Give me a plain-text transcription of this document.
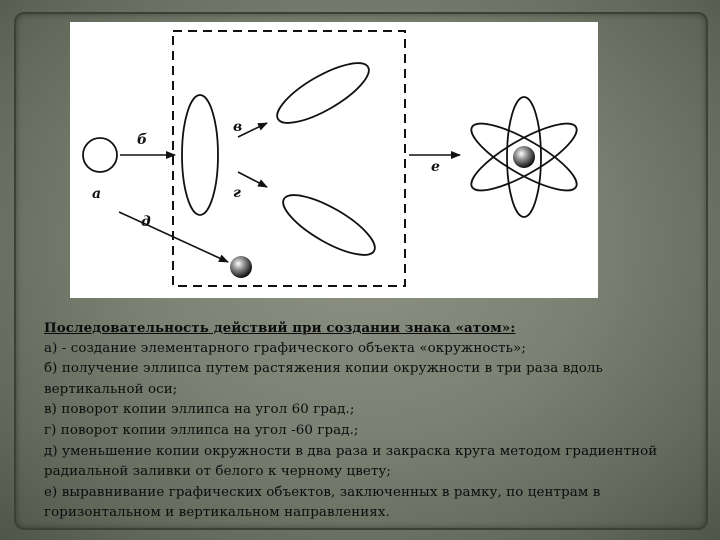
а
б
в
г
д
е
Последовательность действий при создании знака «атом»:
а) - создание элементарного графического объекта «окружность»;
б) получение эллипса путем растяжения копии окружности в три раза вдоль вертикальной оси;
в) поворот копии эллипса на угол 60 град.;
г) поворот копии эллипса на угол -60 град.;
д) уменьшение копии окружности в два раза и закраска круга методом градиентной радиальной заливки от белого к черному цвету;
е) выравнивание графических объектов, заключенных в рамку, по центрам в горизонтальном и вертикальном направлениях.
